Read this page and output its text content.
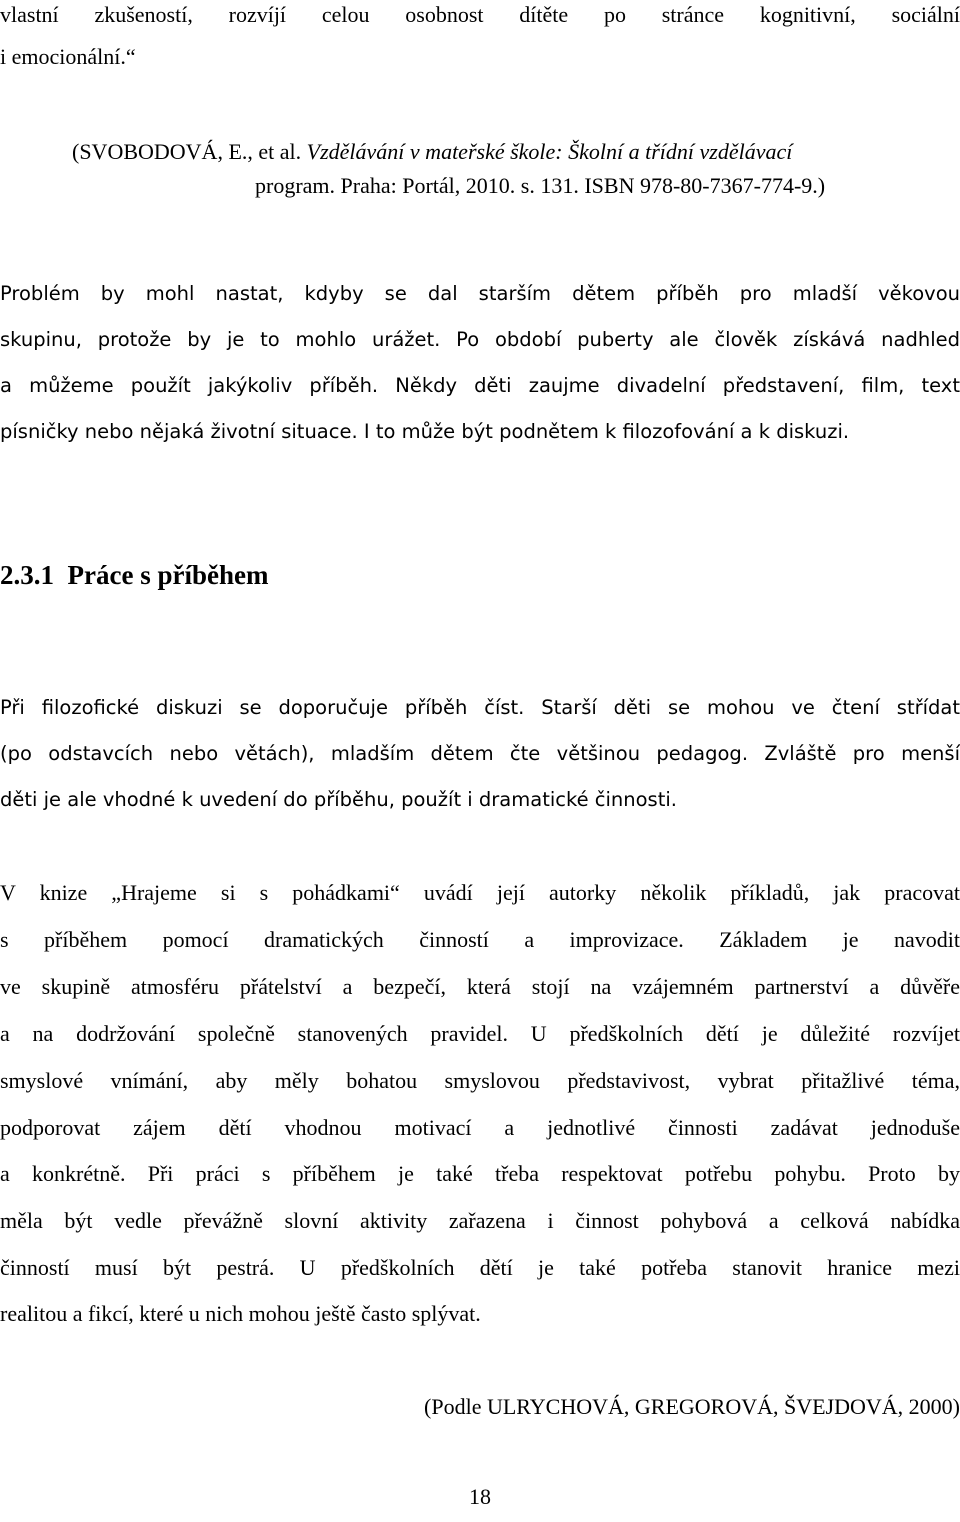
vlastní zkušeností, rozvíjí celou osobnost dítěte po stránce kognitivní, sociální
i emocionální.“
(SVOBODOVÁ, E., et al. Vzdělávání v mateřské škole: Školní a třídní vzdělávací
program. Praha: Portál, 2010. s. 131. ISBN 978-80-7367-774-9.)
Problém by mohl nastat, kdyby se dal starším dětem příběh pro mladší věkovou
skupinu, protože by je to mohlo urážet. Po období puberty ale člověk získává nadhled
a můžeme použít jakýkoliv příběh. Někdy děti zaujme divadelní představení, film, text
písničky nebo nějaká životní situace. I to může být podnětem k filozofování a k diskuzi.
2.3.1 Práce s příběhem
Při filozofické diskuzi se doporučuje příběh číst. Starší děti se mohou ve čtení střídat
(po odstavcích nebo větách), mladším dětem čte většinou pedagog. Zvláště pro menší
děti je ale vhodné k uvedení do příběhu, použít i dramatické činnosti.
V knize „Hrajeme si s pohádkami“ uvádí její autorky několik příkladů, jak pracovat
s příběhem pomocí dramatických činností a improvizace. Základem je navodit
ve skupině atmosféru přátelství a bezpečí, která stojí na vzájemném partnerství a důvěře
a na dodržování společně stanovených pravidel. U předškolních dětí je důležité rozvíjet
smyslové vnímání, aby měly bohatou smyslovou představivost, vybrat přitažlivé téma,
podporovat zájem dětí vhodnou motivací a jednotlivé činnosti zadávat jednoduše
a konkrétně. Při práci s příběhem je také třeba respektovat potřebu pohybu. Proto by
měla být vedle převážně slovní aktivity zařazena i činnost pohybová a celková nabídka
činností musí být pestrá. U předškolních dětí je také potřeba stanovit hranice mezi
realitou a fikcí, které u nich mohou ještě často splývat.
(Podle ULRYCHOVÁ, GREGOROVÁ, ŠVEJDOVÁ, 2000)
18
